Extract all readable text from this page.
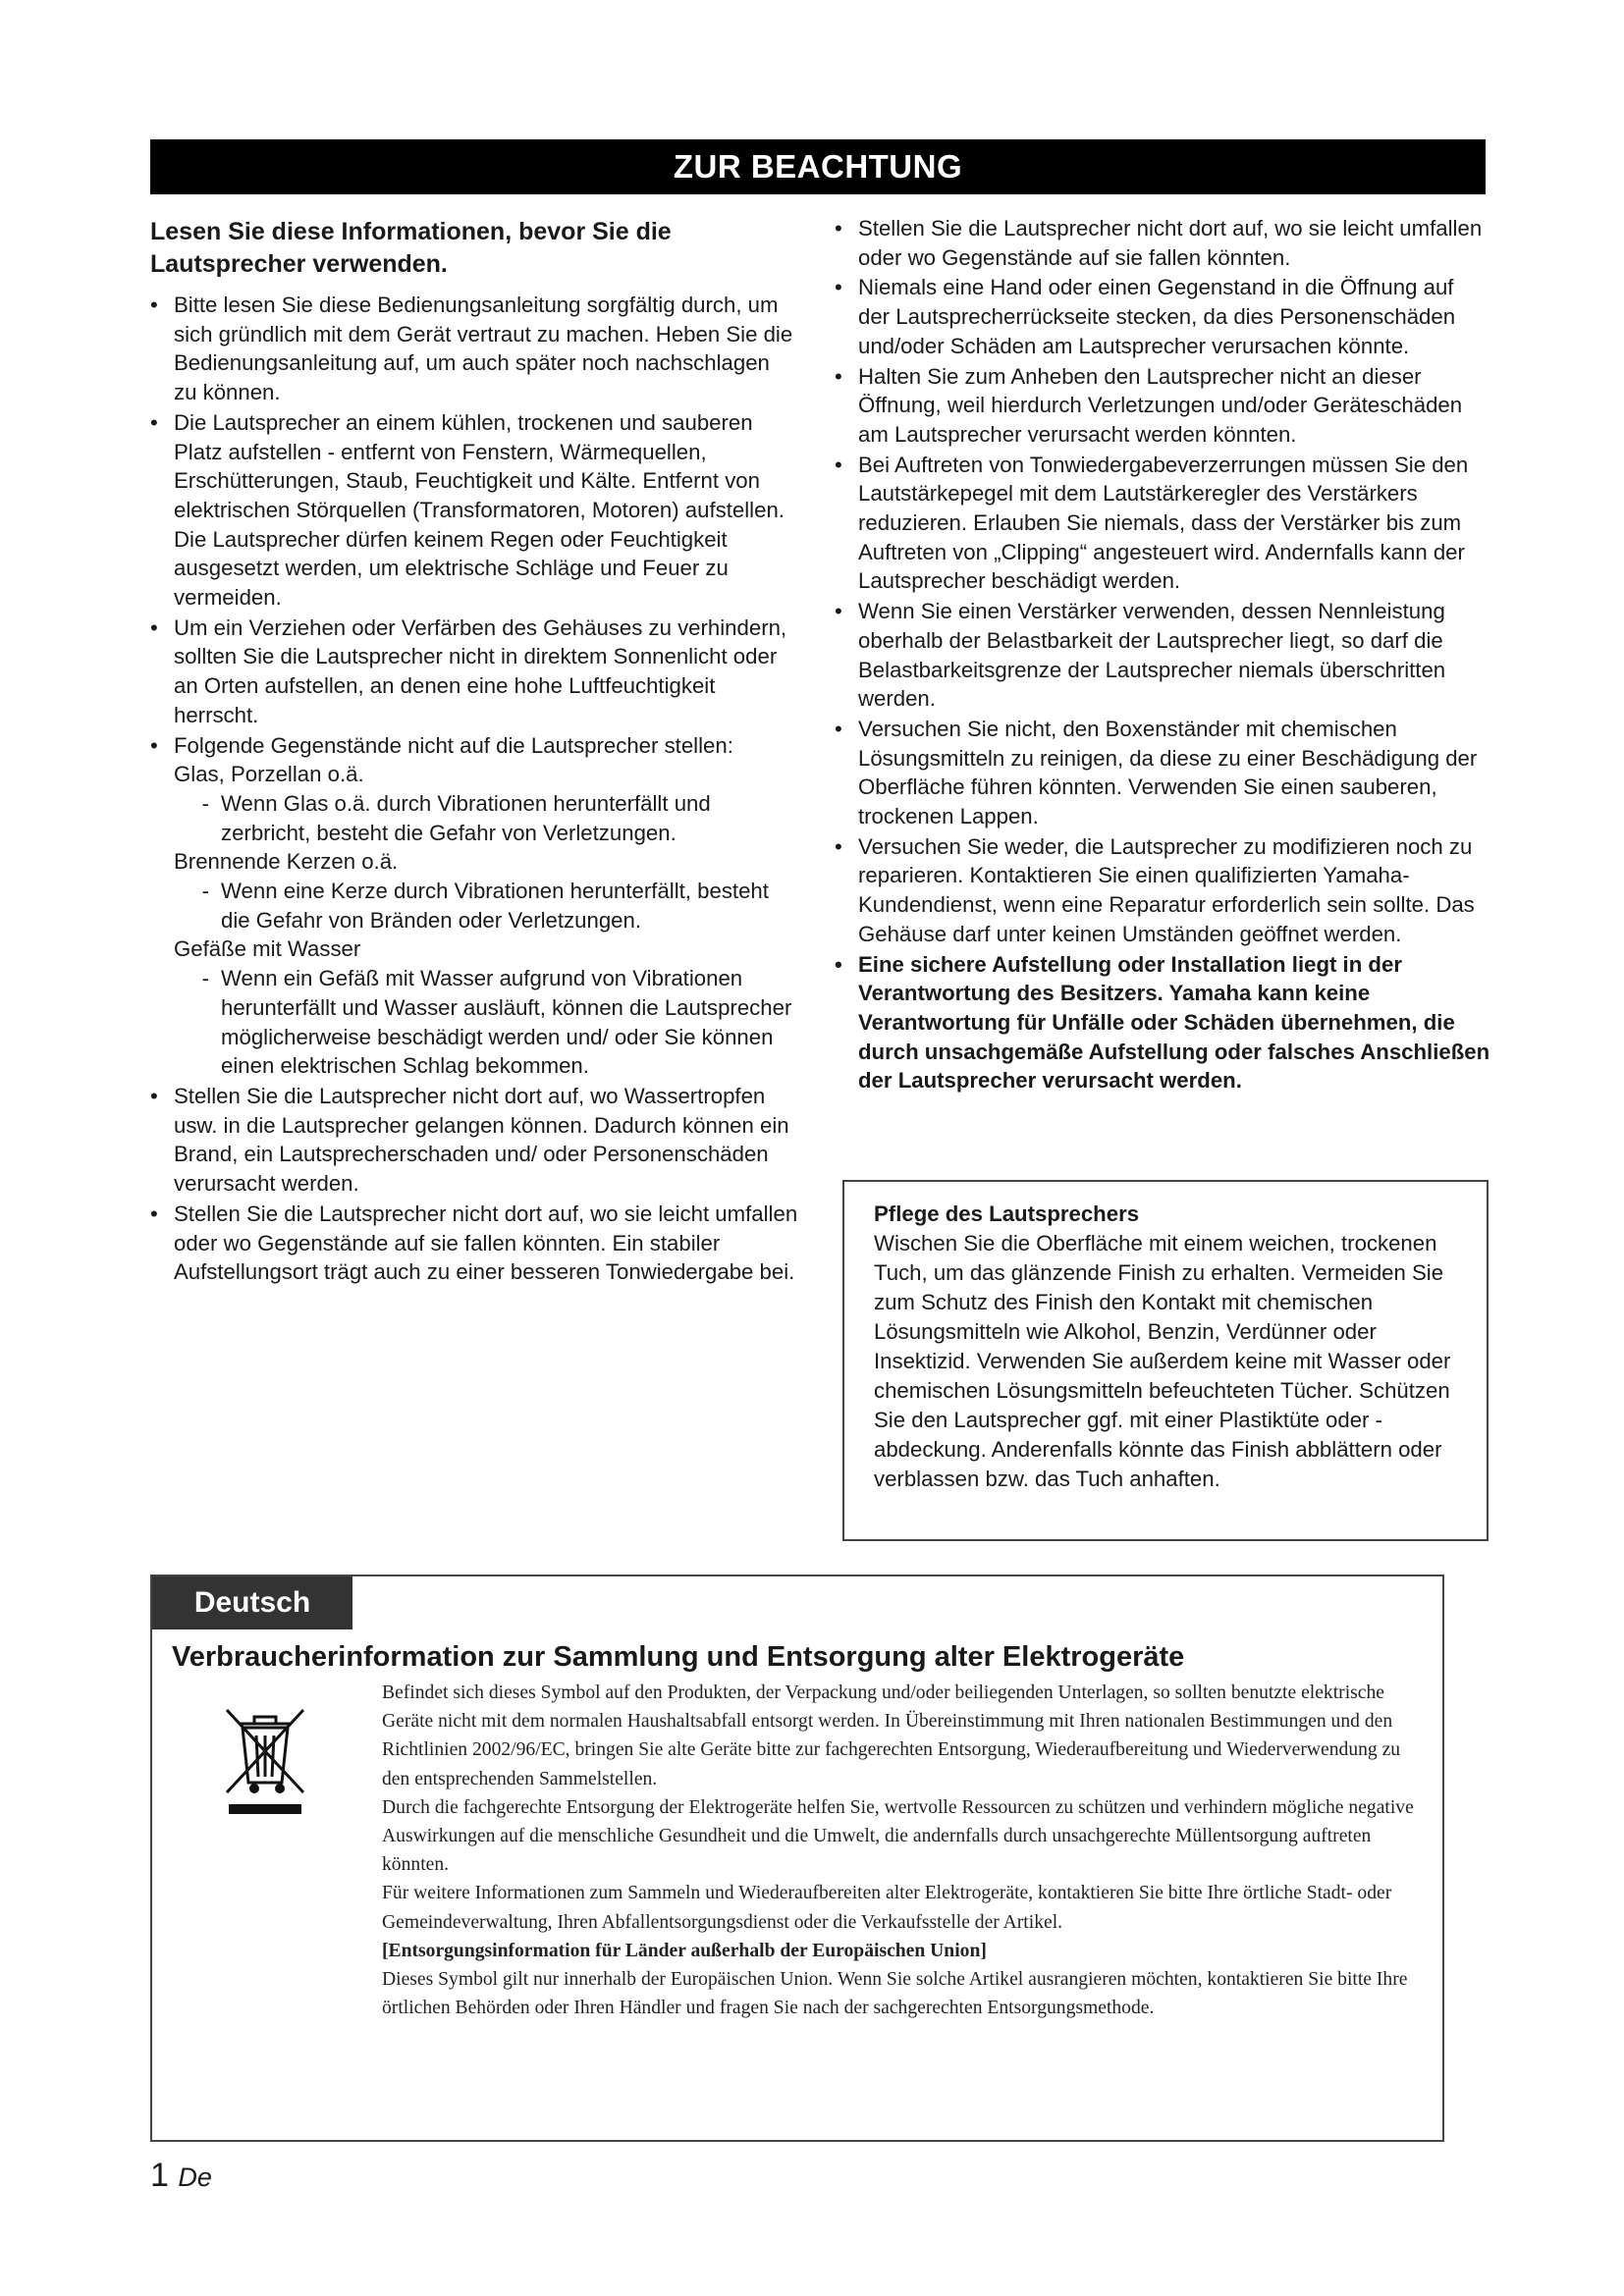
ZUR BEACHTUNG
Lesen Sie diese Informationen, bevor Sie die Lautsprecher verwenden.
• Bitte lesen Sie diese Bedienungsanleitung sorgfältig durch, um sich gründlich mit dem Gerät vertraut zu machen. Heben Sie die Bedienungsanleitung auf, um auch später noch nachschlagen zu können.
• Die Lautsprecher an einem kühlen, trockenen und sauberen Platz aufstellen - entfernt von Fenstern, Wärmequellen, Erschütterungen, Staub, Feuchtigkeit und Kälte. Entfernt von elektrischen Störquellen (Transformatoren, Motoren) aufstellen. Die Lautsprecher dürfen keinem Regen oder Feuchtigkeit ausgesetzt werden, um elektrische Schläge und Feuer zu vermeiden.
• Um ein Verziehen oder Verfärben des Gehäuses zu verhindern, sollten Sie die Lautsprecher nicht in direktem Sonnenlicht oder an Orten aufstellen, an denen eine hohe Luftfeuchtigkeit herrscht.
• Folgende Gegenstände nicht auf die Lautsprecher stellen:
Glas, Porzellan o.ä.
- Wenn Glas o.ä. durch Vibrationen herunterfällt und zerbricht, besteht die Gefahr von Verletzungen.
Brennende Kerzen o.ä.
- Wenn eine Kerze durch Vibrationen herunterfällt, besteht die Gefahr von Bränden oder Verletzungen.
Gefäße mit Wasser
- Wenn ein Gefäß mit Wasser aufgrund von Vibrationen herunterfällt und Wasser ausläuft, können die Lautsprecher möglicherweise beschädigt werden und/ oder Sie können einen elektrischen Schlag bekommen.
• Stellen Sie die Lautsprecher nicht dort auf, wo Wassertropfen usw. in die Lautsprecher gelangen können. Dadurch können ein Brand, ein Lautsprecherschaden und/ oder Personenschäden verursacht werden.
• Stellen Sie die Lautsprecher nicht dort auf, wo sie leicht umfallen oder wo Gegenstände auf sie fallen könnten. Ein stabiler Aufstellungsort trägt auch zu einer besseren Tonwiedergabe bei.
• Stellen Sie die Lautsprecher nicht dort auf, wo sie leicht umfallen oder wo Gegenstände auf sie fallen könnten.
• Niemals eine Hand oder einen Gegenstand in die Öffnung auf der Lautsprecherrückseite stecken, da dies Personenschäden und/oder Schäden am Lautsprecher verursachen könnte.
• Halten Sie zum Anheben den Lautsprecher nicht an dieser Öffnung, weil hierdurch Verletzungen und/oder Geräteschäden am Lautsprecher verursacht werden könnten.
• Bei Auftreten von Tonwiedergabeverzerrungen müssen Sie den Lautstärkepegel mit dem Lautstärkeregler des Verstärkers reduzieren. Erlauben Sie niemals, dass der Verstärker bis zum Auftreten von „Clipping“ angesteuert wird. Andernfalls kann der Lautsprecher beschädigt werden.
• Wenn Sie einen Verstärker verwenden, dessen Nennleistung oberhalb der Belastbarkeit der Lautsprecher liegt, so darf die Belastbarkeitsgrenze der Lautsprecher niemals überschritten werden.
• Versuchen Sie nicht, den Boxenständer mit chemischen Lösungsmitteln zu reinigen, da diese zu einer Beschädigung der Oberfläche führen könnten. Verwenden Sie einen sauberen, trockenen Lappen.
• Versuchen Sie weder, die Lautsprecher zu modifizieren noch zu reparieren. Kontaktieren Sie einen qualifizierten Yamaha-Kundendienst, wenn eine Reparatur erforderlich sein sollte. Das Gehäuse darf unter keinen Umständen geöffnet werden.
• Eine sichere Aufstellung oder Installation liegt in der Verantwortung des Besitzers. Yamaha kann keine Verantwortung für Unfälle oder Schäden übernehmen, die durch unsachgemäße Aufstellung oder falsches Anschließen der Lautsprecher verursacht werden.
Pflege des Lautsprechers
Wischen Sie die Oberfläche mit einem weichen, trockenen Tuch, um das glänzende Finish zu erhalten. Vermeiden Sie zum Schutz des Finish den Kontakt mit chemischen Lösungsmitteln wie Alkohol, Benzin, Verdünner oder Insektizid. Verwenden Sie außerdem keine mit Wasser oder chemischen Lösungsmitteln befeuchteten Tücher. Schützen Sie den Lautsprecher ggf. mit einer Plastiktüte oder -abdeckung. Anderenfalls könnte das Finish abblättern oder verblassen bzw. das Tuch anhaften.
Deutsch
Verbraucherinformation zur Sammlung und Entsorgung alter Elektrogeräte

Befindet sich dieses Symbol auf den Produkten, der Verpackung und/oder beiliegenden Unterlagen, so sollten benutzte elektrische Geräte nicht mit dem normalen Haushaltsabfall entsorgt werden. In Übereinstimmung mit Ihren nationalen Bestimmungen und den Richtlinien 2002/96/EC, bringen Sie alte Geräte bitte zur fachgerechten Entsorgung, Wiederaufbereitung und Wiederverwendung zu den entsprechenden Sammelstellen.

Durch die fachgerechte Entsorgung der Elektrogeräte helfen Sie, wertvolle Ressourcen zu schützen und verhindern mögliche negative Auswirkungen auf die menschliche Gesundheit und die Umwelt, die andernfalls durch unsachgerechte Müllentsorgung auftreten könnten.

Für weitere Informationen zum Sammeln und Wiederaufbereiten alter Elektrogeräte, kontaktieren Sie bitte Ihre örtliche Stadt- oder Gemeindeverwaltung, Ihren Abfallentsorgungsdienst oder die Verkaufsstelle der Artikel.

[Entsorgungsinformation für Länder außerhalb der Europäischen Union]

Dieses Symbol gilt nur innerhalb der Europäischen Union. Wenn Sie solche Artikel ausrangieren möchten, kontaktieren Sie bitte Ihre örtlichen Behörden oder Ihren Händler und fragen Sie nach der sachgerechten Entsorgungsmethode.

1 De
